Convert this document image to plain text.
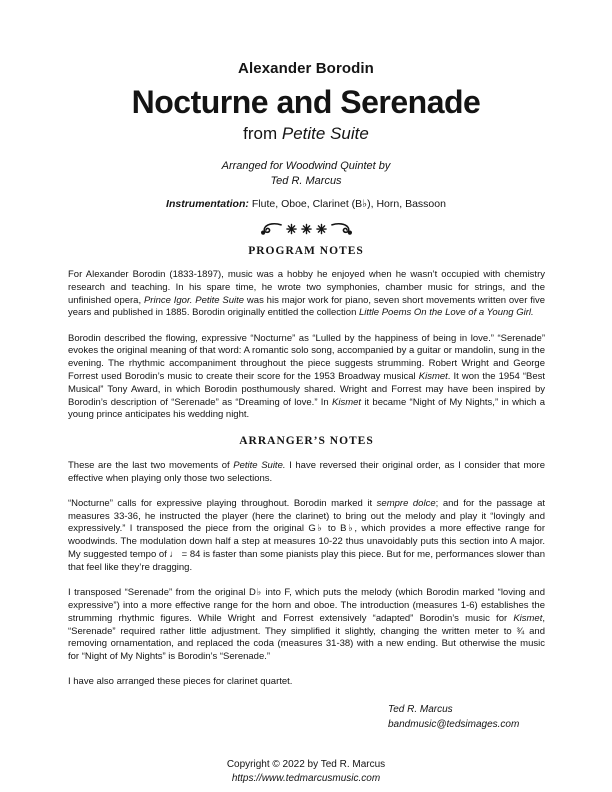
Alexander Borodin
Nocturne and Serenade
from Petite Suite
Arranged for Woodwind Quintet by
Ted R. Marcus
Instrumentation: Flute, Oboe, Clarinet (B♭), Horn, Bassoon
PROGRAM NOTES

For Alexander Borodin (1833-1897), music was a hobby he enjoyed when he wasn’t occupied with chemistry research and teaching. In his spare time, he wrote two symphonies, chamber music for strings, and the unfinished opera, Prince Igor. Petite Suite was his major work for piano, seven short movements written over five years and published in 1885. Borodin originally entitled the collection Little Poems On the Love of a Young Girl.

Borodin described the flowing, expressive “Nocturne” as “Lulled by the happiness of being in love.” “Serenade” evokes the original meaning of that word: A romantic solo song, accompanied by a guitar or mandolin, sung in the evening. The rhythmic accompaniment throughout the piece suggests strumming. Robert Wright and George Forrest used Borodin’s music to create their score for the 1953 Broadway musical Kismet. It won the 1954 “Best Musical” Tony Award, in which Borodin posthumously shared. Wright and Forrest may have been inspired by Borodin’s description of “Serenade” as “Dreaming of love.” In Kismet it became “Night of My Nights,” in which a young prince anticipates his wedding night.

ARRANGER’S NOTES

These are the last two movements of Petite Suite. I have reversed their original order, as I consider that more effective when playing only those two selections.

“Nocturne” calls for expressive playing throughout. Borodin marked it sempre dolce; and for the passage at measures 33-36, he instructed the player (here the clarinet) to bring out the melody and play it “lovingly and expressively.” I transposed the piece from the original G♭ to B♭, which provides a more effective range for woodwinds. The modulation down half a step at measures 10-22 thus unavoidably puts this section into A major. My suggested tempo of ♩ = 84 is faster than some pianists play this piece. But for me, performances slower than that feel like they’re dragging.

I transposed “Serenade” from the original D♭ into F, which puts the melody (which Borodin marked “loving and expressive”) into a more effective range for the horn and oboe. The introduction (measures 1-6) establishes the strumming rhythmic figures. While Wright and Forrest extensively “adapted” Borodin’s music for Kismet, “Serenade” required rather little adjustment. They simplified it slightly, changing the written meter to ¾ and removing ornamentation, and replaced the coda (measures 31-38) with a new ending. But otherwise the music for “Night of My Nights” is Borodin’s “Serenade.”

I have also arranged these pieces for clarinet quartet.

Ted R. Marcus
bandmusic@tedsimages.com
Copyright © 2022 by Ted R. Marcus
https://www.tedmarcusmusic.com
